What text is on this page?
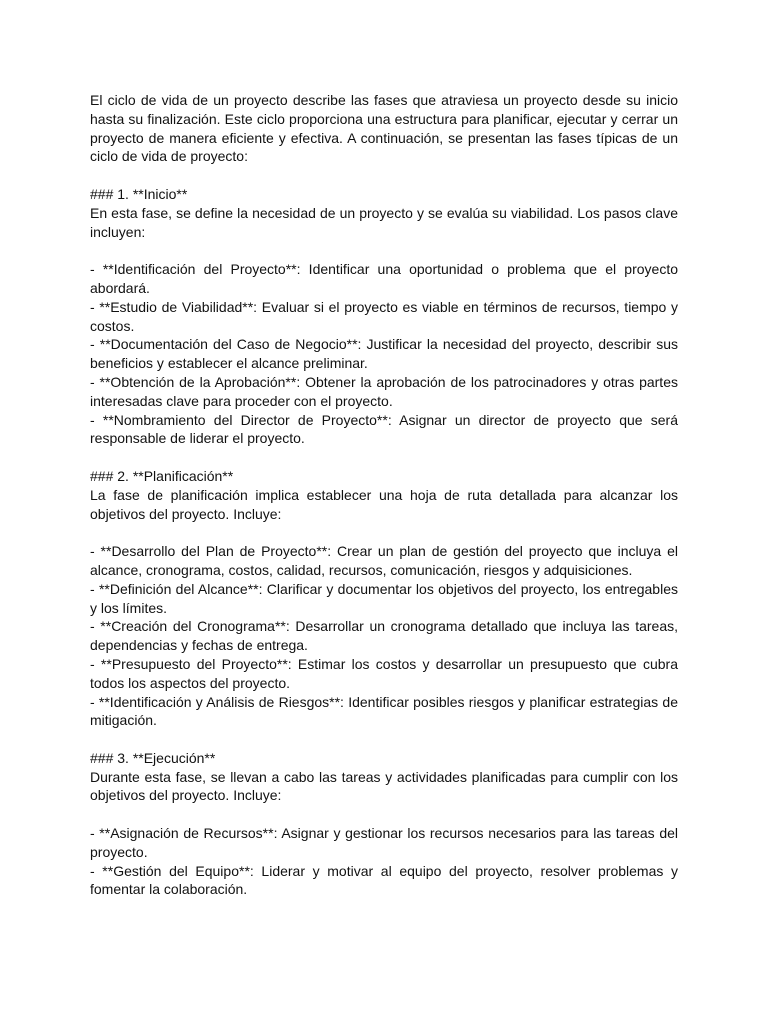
El ciclo de vida de un proyecto describe las fases que atraviesa un proyecto desde su inicio hasta su finalización. Este ciclo proporciona una estructura para planificar, ejecutar y cerrar un proyecto de manera eficiente y efectiva. A continuación, se presentan las fases típicas de un ciclo de vida de proyecto:

### 1. **Inicio**

En esta fase, se define la necesidad de un proyecto y se evalúa su viabilidad. Los pasos clave incluyen:

- **Identificación del Proyecto**: Identificar una oportunidad o problema que el proyecto abordará.

- **Estudio de Viabilidad**: Evaluar si el proyecto es viable en términos de recursos, tiempo y costos.

- **Documentación del Caso de Negocio**: Justificar la necesidad del proyecto, describir sus beneficios y establecer el alcance preliminar.

- **Obtención de la Aprobación**: Obtener la aprobación de los patrocinadores y otras partes interesadas clave para proceder con el proyecto.

- **Nombramiento del Director de Proyecto**: Asignar un director de proyecto que será responsable de liderar el proyecto.

### 2. **Planificación**

La fase de planificación implica establecer una hoja de ruta detallada para alcanzar los objetivos del proyecto. Incluye:

- **Desarrollo del Plan de Proyecto**: Crear un plan de gestión del proyecto que incluya el alcance, cronograma, costos, calidad, recursos, comunicación, riesgos y adquisiciones.

- **Definición del Alcance**: Clarificar y documentar los objetivos del proyecto, los entregables y los límites.

- **Creación del Cronograma**: Desarrollar un cronograma detallado que incluya las tareas, dependencias y fechas de entrega.

- **Presupuesto del Proyecto**: Estimar los costos y desarrollar un presupuesto que cubra todos los aspectos del proyecto.

- **Identificación y Análisis de Riesgos**: Identificar posibles riesgos y planificar estrategias de mitigación.

### 3. **Ejecución**

Durante esta fase, se llevan a cabo las tareas y actividades planificadas para cumplir con los objetivos del proyecto. Incluye:

- **Asignación de Recursos**: Asignar y gestionar los recursos necesarios para las tareas del proyecto.

- **Gestión del Equipo**: Liderar y motivar al equipo del proyecto, resolver problemas y fomentar la colaboración.
